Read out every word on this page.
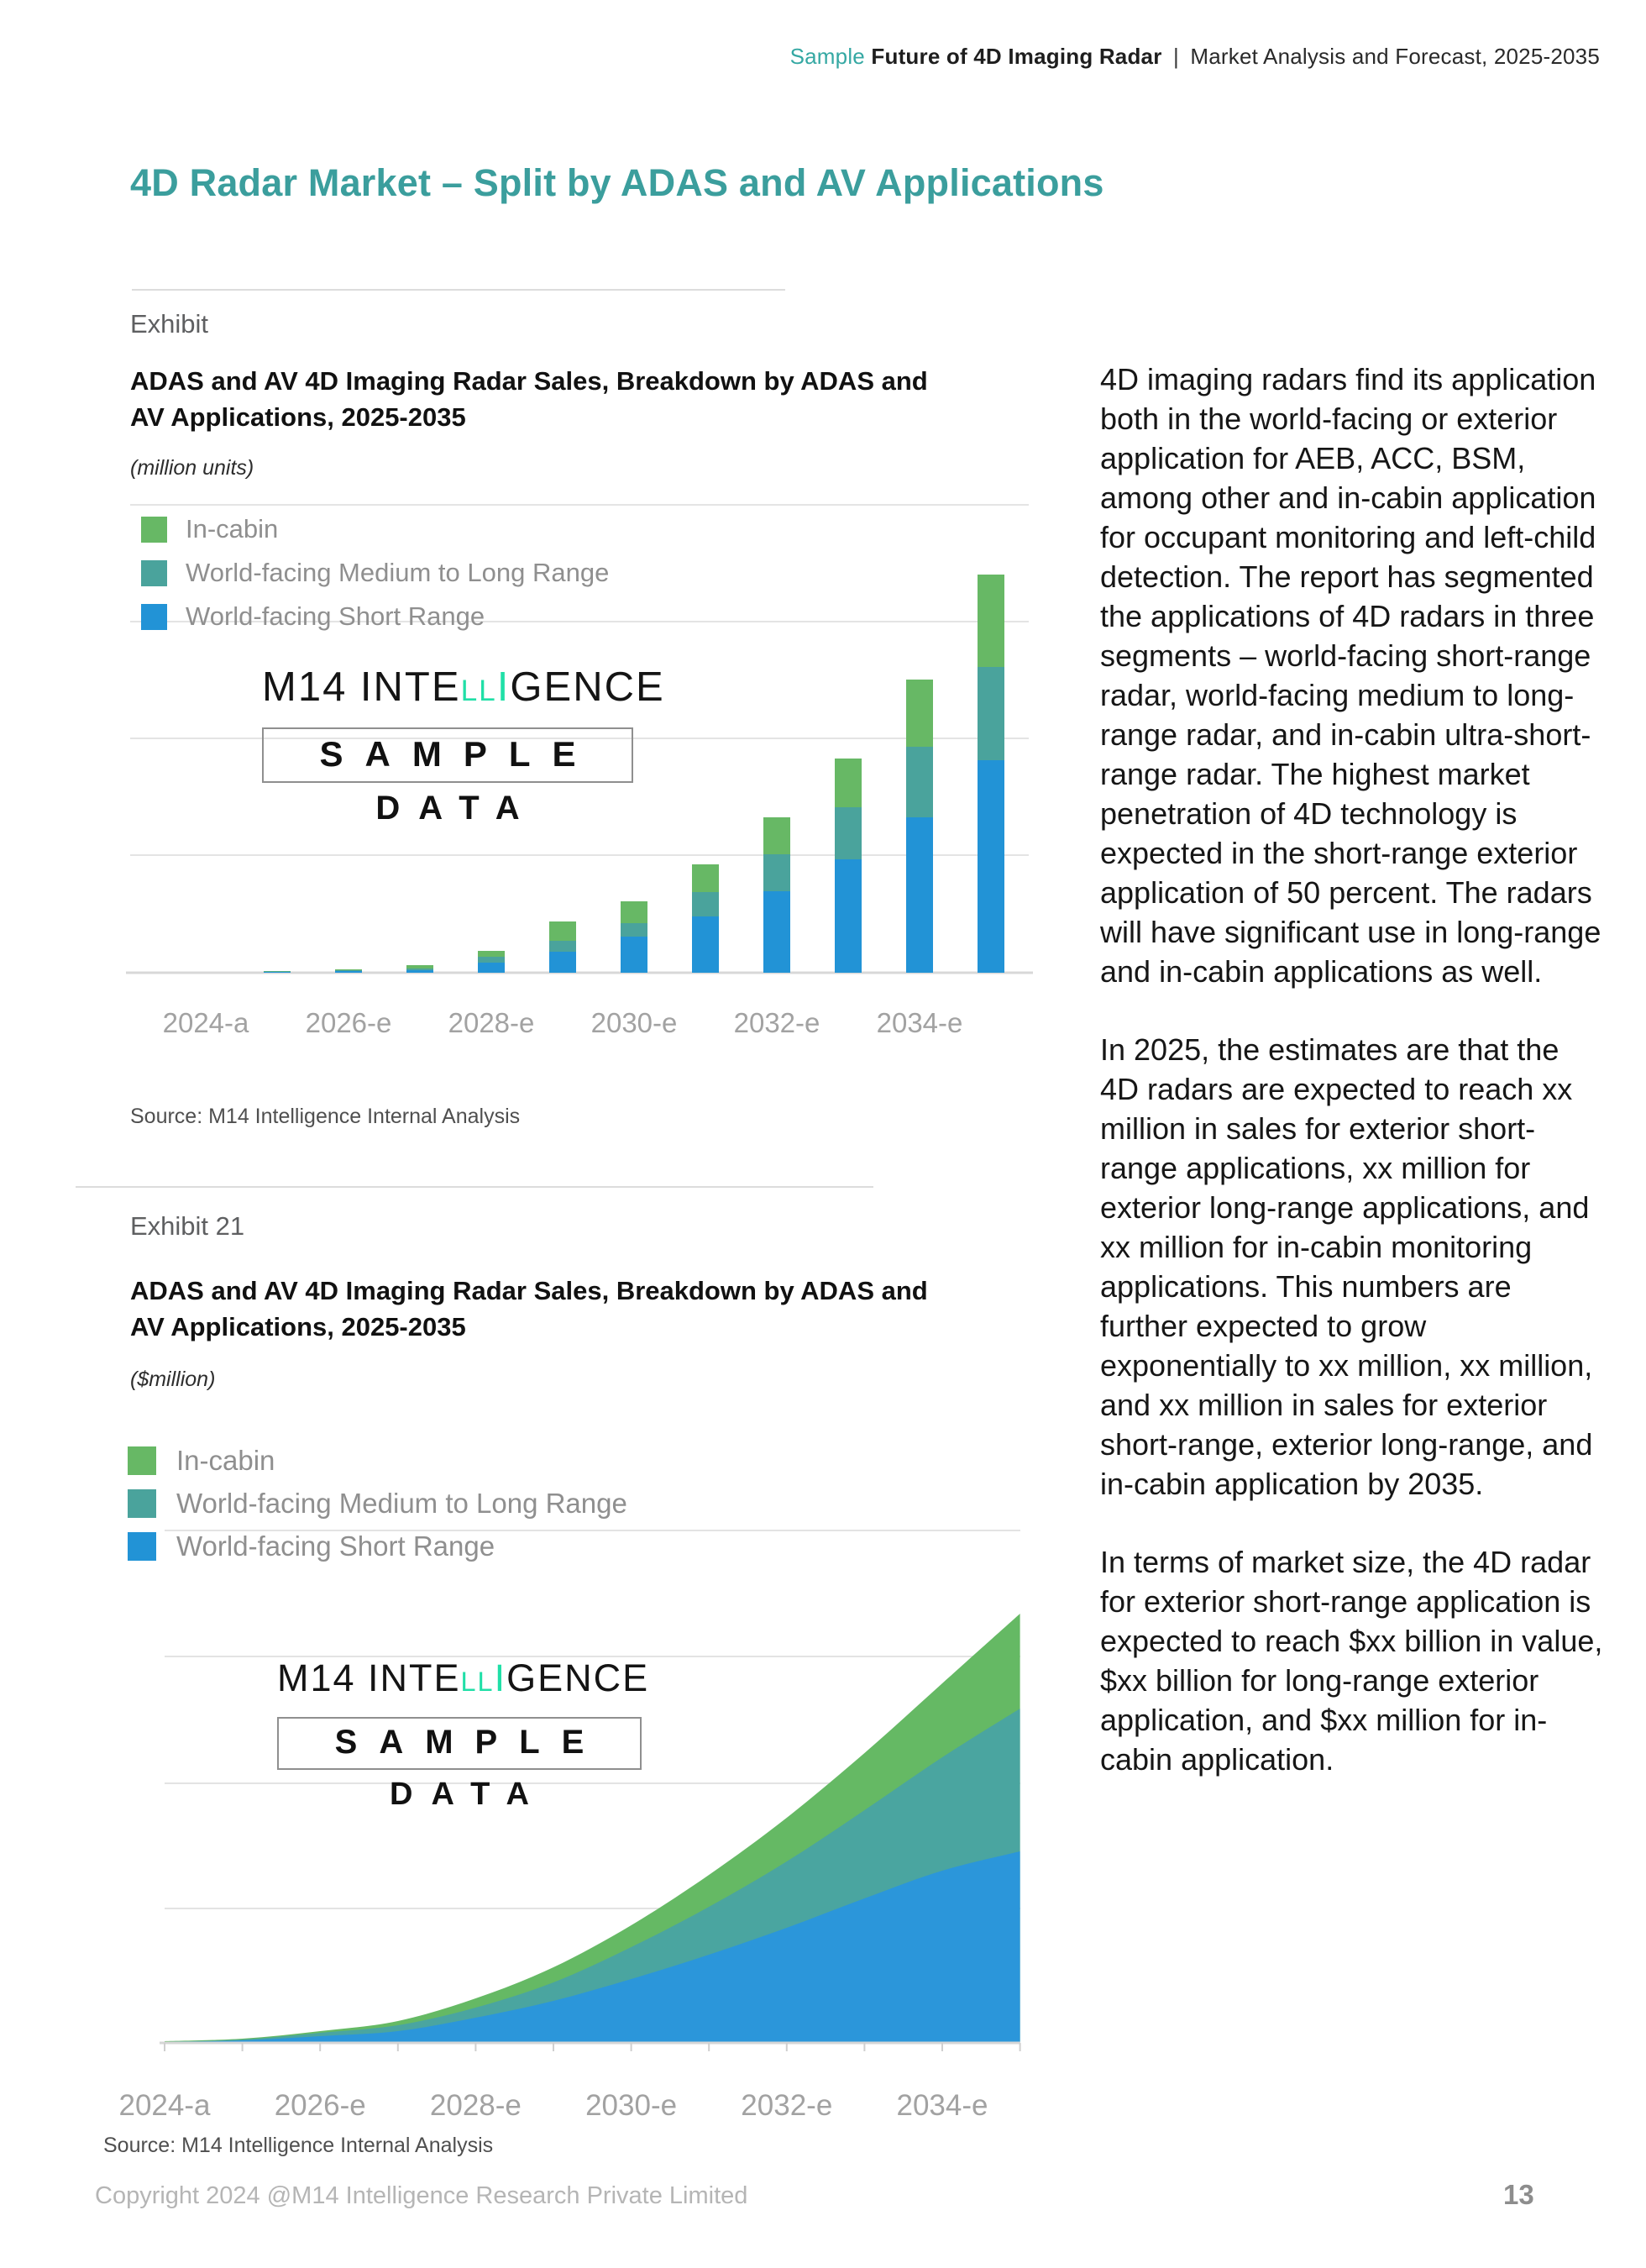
Sample Future of 4D Imaging Radar | Market Analysis and Forecast, 2025-2035
4D Radar Market – Split by ADAS and AV Applications
Exhibit
ADAS and AV 4D Imaging Radar Sales, Breakdown by ADAS and AV Applications, 2025-2035
(million units)
2024-a 2026-e 2028-e 2030-e 2032-e 2034-e
In-cabin
World-facing Medium to Long Range
World-facing Short Range
M14 INTELLIGENCE
SAMPLE
DATA
Source: M14 Intelligence Internal Analysis
Exhibit 21
ADAS and AV 4D Imaging Radar Sales, Breakdown by ADAS and AV Applications, 2025-2035
($million)
2024-a 2026-e 2028-e 2030-e 2032-e 2034-e
In-cabin
World-facing Medium to Long Range
World-facing Short Range
M14 INTELLIGENCE
SAMPLE
DATA
Source: M14 Intelligence Internal Analysis

4D imaging radars find its application both in the world-facing or exterior application for AEB, ACC, BSM, among other and in-cabin application for occupant monitoring and left-child detection. The report has segmented the applications of 4D radars in three segments – world-facing short-range radar, world-facing medium to long-range radar, and in-cabin ultra-short-range radar. The highest market penetration of 4D technology is expected in the short-range exterior application of 50 percent. The radars will have significant use in long-range and in-cabin applications as well.

In 2025, the estimates are that the 4D radars are expected to reach xx million in sales for exterior short-range applications, xx million for exterior long-range applications, and xx million for in-cabin monitoring applications. This numbers are further expected to grow exponentially to xx million, xx million, and xx million in sales for exterior short-range, exterior long-range, and in-cabin application by 2035.

In terms of market size, the 4D radar for exterior short-range application is expected to reach $xx billion in value, $xx billion for long-range exterior application, and $xx million for in-cabin application.

Copyright 2024 @M14 Intelligence Research Private Limited	13
